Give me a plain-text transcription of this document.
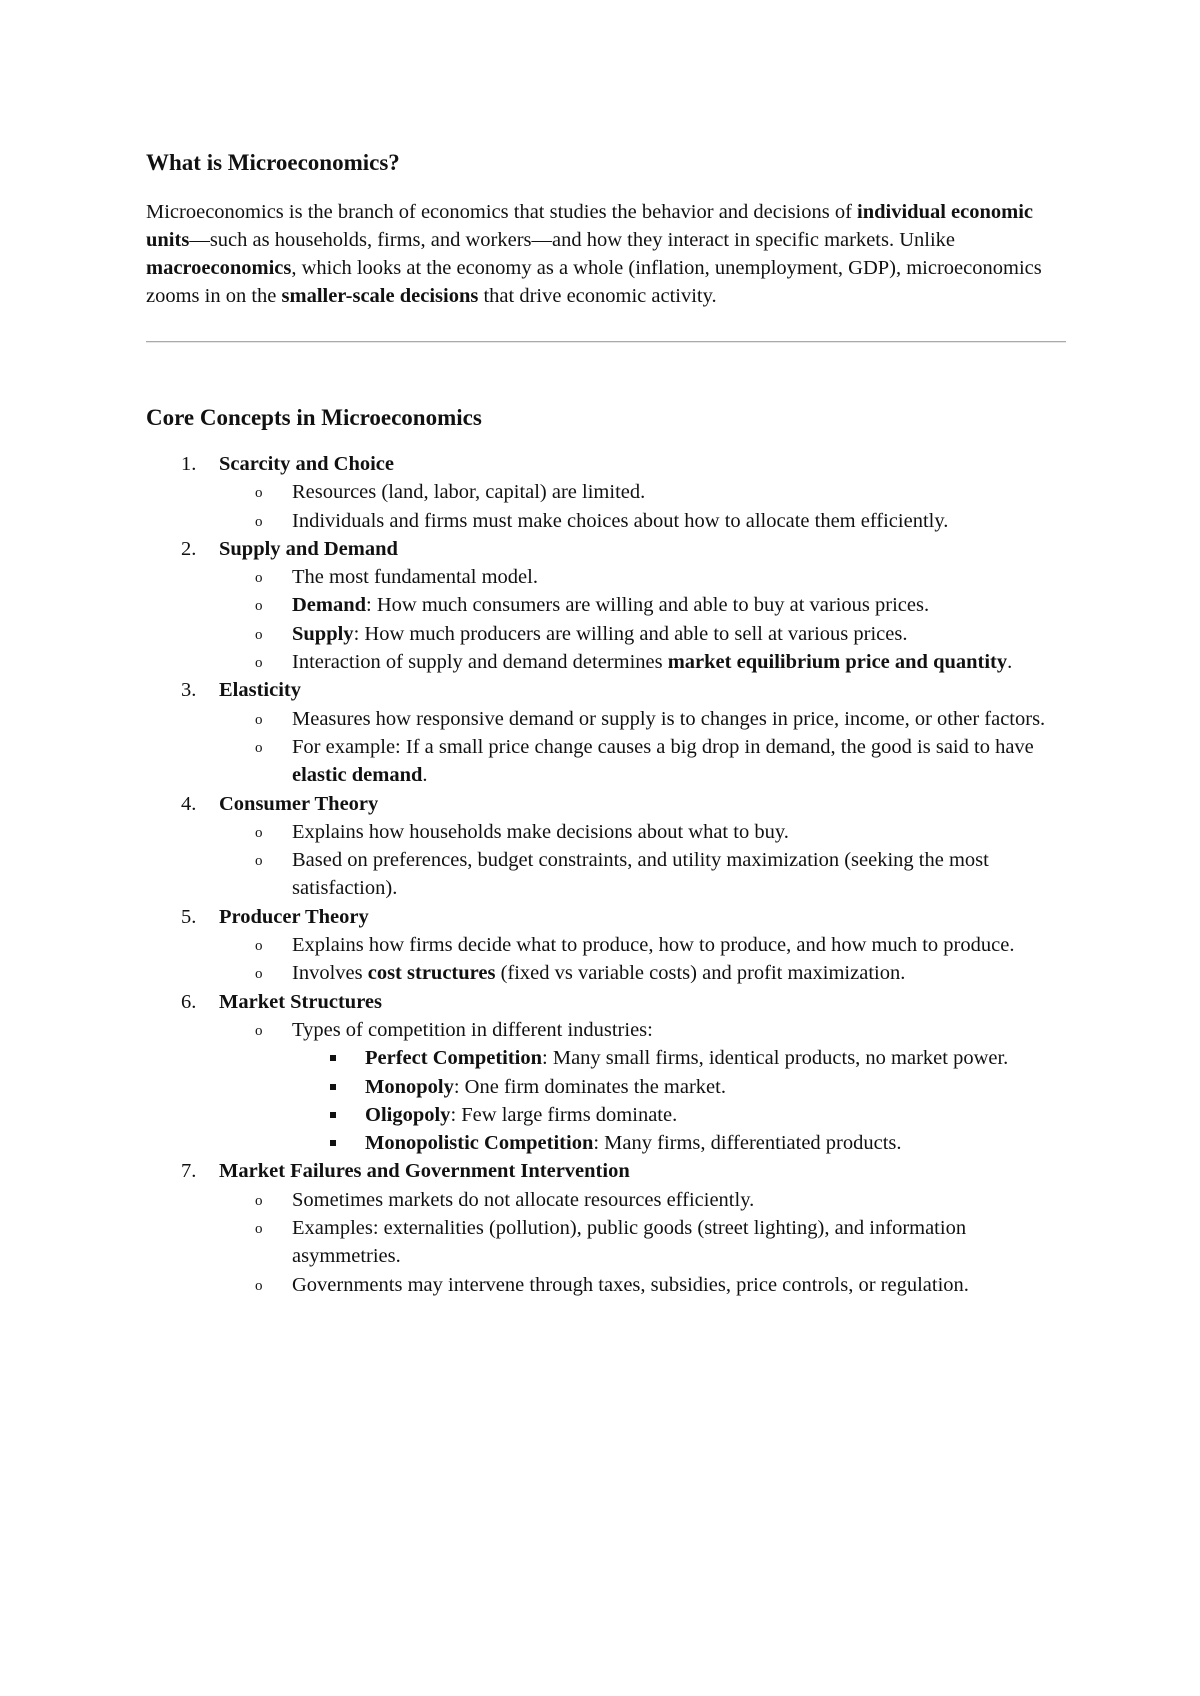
What is Microeconomics?

Microeconomics is the branch of economics that studies the behavior and decisions of individual economic units—such as households, firms, and workers—and how they interact in specific markets. Unlike macroeconomics, which looks at the economy as a whole (inflation, unemployment, GDP), microeconomics zooms in on the smaller-scale decisions that drive economic activity.

Core Concepts in Microeconomics
1. Scarcity and Choice
o Resources (land, labor, capital) are limited.
o Individuals and firms must make choices about how to allocate them efficiently.
2. Supply and Demand
o The most fundamental model.
o Demand: How much consumers are willing and able to buy at various prices.
o Supply: How much producers are willing and able to sell at various prices.
o Interaction of supply and demand determines market equilibrium price and quantity.
3. Elasticity
o Measures how responsive demand or supply is to changes in price, income, or other factors.
o For example: If a small price change causes a big drop in demand, the good is said to have elastic demand.
4. Consumer Theory
o Explains how households make decisions about what to buy.
o Based on preferences, budget constraints, and utility maximization (seeking the most satisfaction).
5. Producer Theory
o Explains how firms decide what to produce, how to produce, and how much to produce.
o Involves cost structures (fixed vs variable costs) and profit maximization.
6. Market Structures
o Types of competition in different industries:
Perfect Competition: Many small firms, identical products, no market power.
Monopoly: One firm dominates the market.
Oligopoly: Few large firms dominate.
Monopolistic Competition: Many firms, differentiated products.
7. Market Failures and Government Intervention
o Sometimes markets do not allocate resources efficiently.
o Examples: externalities (pollution), public goods (street lighting), and information asymmetries.
o Governments may intervene through taxes, subsidies, price controls, or regulation.
